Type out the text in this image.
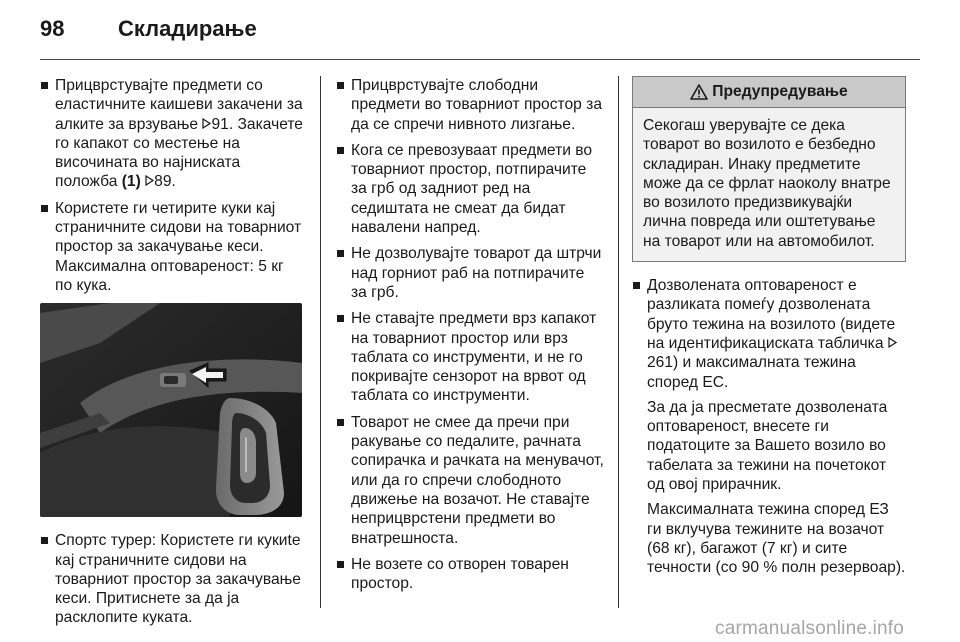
98 Складирање
Прицврстувајте предмети со еластичните каишеви закачени за алките за врзување 91. Закачете го капакот со местење на височината во најниската положба (1) 89.
Користете ги четирите куки кај страничните сидови на товарниот простор за закачување кеси. Максимална оптовареност: 5 кг по кука.
Спортс турер: Користете ги кукиte кај страничните сидови на товарниот простор за закачување кеси. Притиснете за да ја расклопите куката.
Прицврстувајте слободни предмети во товарниот простор за да се спречи нивното лизгање.
Кога се превозуваат предмети во товарниот простор, потпирачите за грб од задниот ред на седиштата не смеат да бидат навалени напред.
Не дозволувајте товарот да штрчи над горниот раб на потпирачите за грб.
Не ставајте предмети врз капакот на товарниот простор или врз таблата со инструменти, и не го покривајте сензорот на врвот од таблата со инструменти.
Товарот не смее да пречи при ракувањe со педалите, рачната сопирачка и рачката на менувачот, или да го спречи слободното движење на возачот. Не ставајте неприцврстени предмети во внатрешноста.
Не возете со отворен товарен простор.
Предупредување
Секогаш уверувајте се дека товарот во возилото е безбедно складиран. Инаку предметите може да се фрлат наоколу внатре во возилото предизвикувајќи лична повреда или оштетување на товарот или на автомобилот.
Дозволената оптовареност е разликата помеѓу дозволената бруто тежина на возилото (видете на идентификациската табличка  261) и максималната тежина според ЕС.
За да ја пресметате дозволената оптовареност, внесете ги податоците за Вашето возило во табелата за тежини на почетокот од овој прирачник.
Максималната тежина според ЕЗ ги вклучува тежините на возачот (68 кг), багажот (7 кг) и сите течности (со 90 % полн резервоар).
carmanualsonline.info
